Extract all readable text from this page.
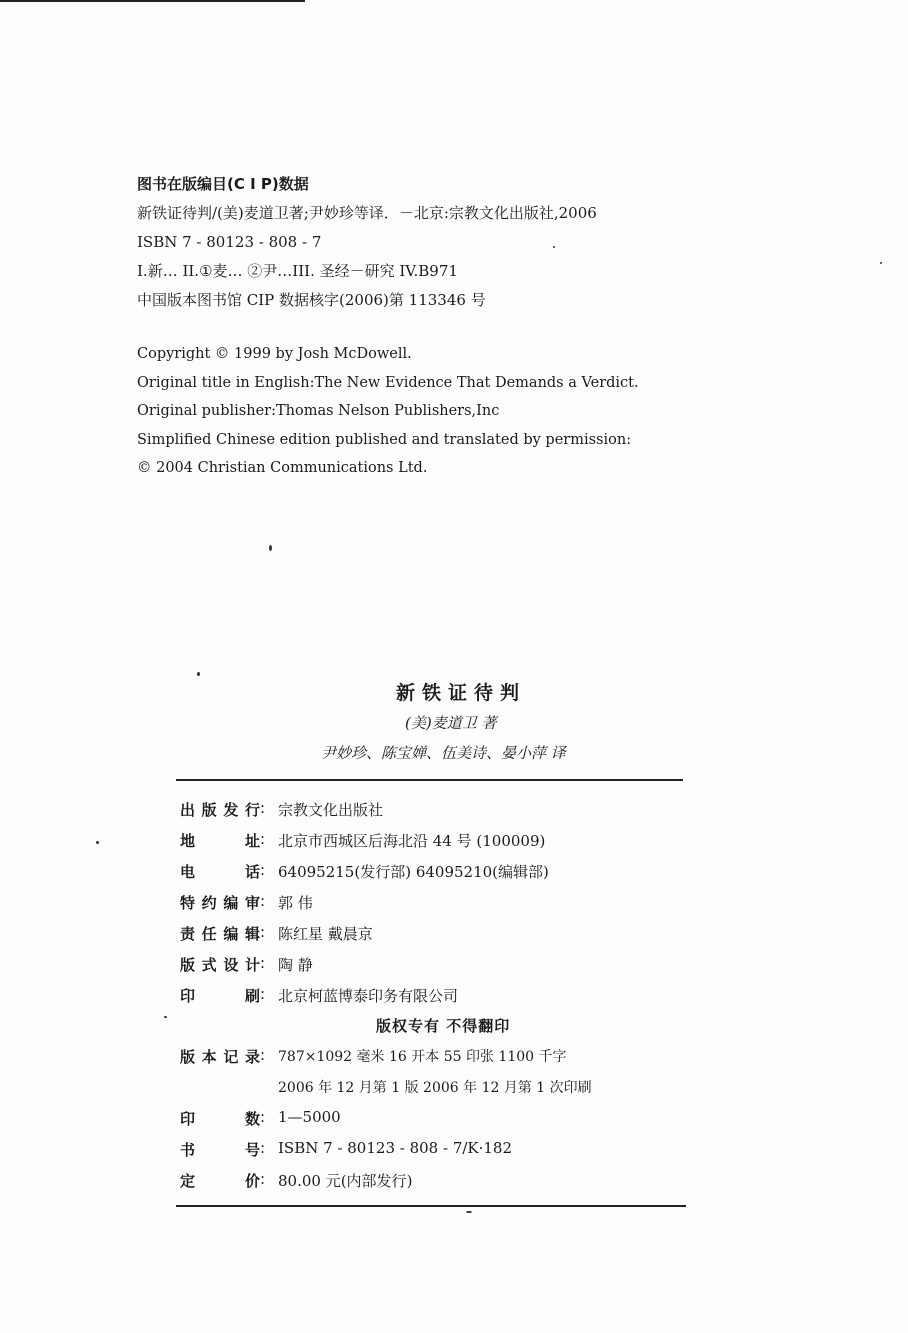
图书在版编目(C I P)数据
新铁证待判/(美)麦道卫著;尹妙珍等译．－北京:宗教文化出版社,2006
ISBN 7 - 80123 - 808 - 7
I.新… II.①麦… ②尹…III. 圣经－研究 IV.B971
中国版本图书馆 CIP 数据核字(2006)第 113346 号
Copyright © 1999 by Josh McDowell.
Original title in English:The New Evidence That Demands a Verdict.
Original publisher:Thomas Nelson Publishers,Inc
Simplified Chinese edition published and translated by permission:
© 2004 Christian Communications Ltd.
新铁证待判
(美)麦道卫 著
尹妙珍、陈宝婵、伍美诗、晏小萍 译
出版发行 : 宗教文化出版社
地址 : 北京市西城区后海北沿 44 号 (100009)
电话 : 64095215(发行部) 64095210(编辑部)
特约编审 : 郭 伟
责任编辑 : 陈红星 戴晨京
版式设计 : 陶 静
印刷 : 北京柯蓝博泰印务有限公司
版权专有 不得翻印
版本记录 : 787×1092 毫米 16 开本 55 印张 1100 千字
2006 年 12 月第 1 版 2006 年 12 月第 1 次印刷
印数 : 1—5000
书号 : ISBN 7 - 80123 - 808 - 7/K·182
定价 : 80.00 元(内部发行)
